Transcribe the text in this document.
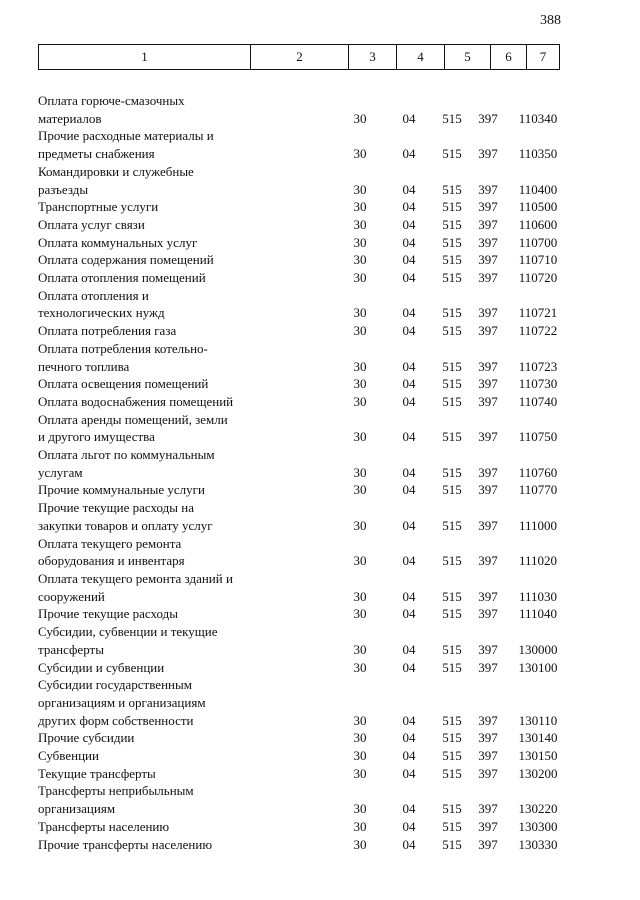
388
1	2	3	4	5	6	7
Оплата горюче-смазочных
материалов	30	04	515	397	110340
Прочие расходные материалы и
предметы снабжения	30	04	515	397	110350
Командировки и служебные
разъезды	30	04	515	397	110400
Транспортные услуги	30	04	515	397	110500
Оплата услуг связи	30	04	515	397	110600
Оплата коммунальных услуг	30	04	515	397	110700
Оплата содержания помещений	30	04	515	397	110710
Оплата отопления помещений	30	04	515	397	110720
Оплата отопления и
технологических нужд	30	04	515	397	110721
Оплата потребления газа	30	04	515	397	110722
Оплата потребления котельно-
печного топлива	30	04	515	397	110723
Оплата освещения помещений	30	04	515	397	110730
Оплата водоснабжения помещений	30	04	515	397	110740
Оплата аренды помещений, земли
и другого имущества	30	04	515	397	110750
Оплата льгот по коммунальным
услугам	30	04	515	397	110760
Прочие коммунальные услуги	30	04	515	397	110770
Прочие текущие расходы на
закупки товаров и оплату услуг	30	04	515	397	111000
Оплата текущего ремонта
оборудования и инвентаря	30	04	515	397	111020
Оплата текущего ремонта зданий и
сооружений	30	04	515	397	111030
Прочие текущие расходы	30	04	515	397	111040
Субсидии, субвенции и текущие
трансферты	30	04	515	397	130000
Субсидии и субвенции	30	04	515	397	130100
Субсидии государственным
организациям и организациям
других форм собственности	30	04	515	397	130110
Прочие субсидии	30	04	515	397	130140
Субвенции	30	04	515	397	130150
Текущие трансферты	30	04	515	397	130200
Трансферты неприбыльным
организациям	30	04	515	397	130220
Трансферты населению	30	04	515	397	130300
Прочие трансферты населению	30	04	515	397	130330
